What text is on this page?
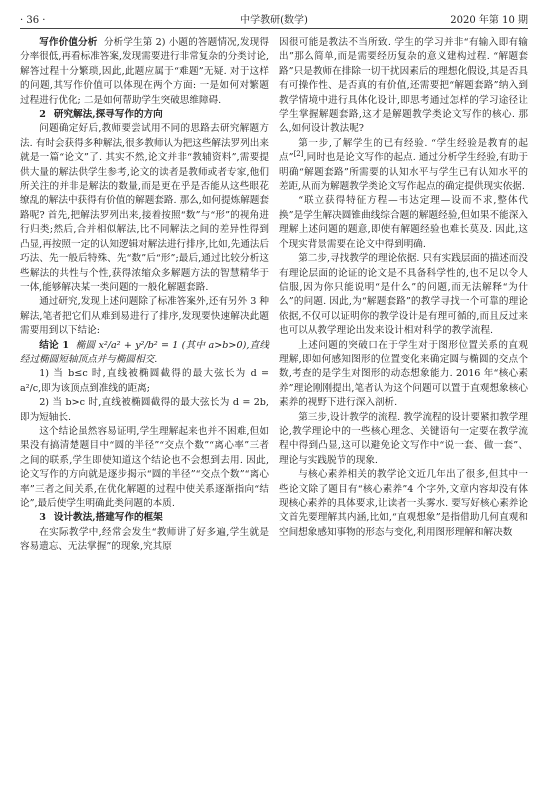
· 36 ·	2020 年第 10 期
中学教研(数学)

写作价值分析 分析学生第 2) 小题的答题情况,发现得分率很低,再看标准答案,发现需要进行非常复杂的分类讨论,解答过程十分繁琐,因此,此题应属于“难题”无疑. 对于这样的问题,其写作价值可以体现在两个方面: 一是如何对繁题过程进行优化; 二是如何帮助学生突破思维障碍.

2 研究解法,探寻写作的方向

问题确定好后,教师要尝试用不同的思路去研究解题方法. 有时会获得多种解法,很多教师认为把这些解法罗列出来就是一篇“论文”了. 其实不然,论文并非“教辅资料”,需要提供大量的解法供学生参考,论文的读者是教师或者专家,他们所关注的并非是解法的数量,而是更在乎是否能从这些眼花缭乱的解法中获得有价值的解题套路. 那么,如何提炼解题套路呢? 首先,把解法罗列出来,接着按照“数”与“形”的视角进行归类;然后,合并相似解法,比不同解法之间的差异性得到凸显,再按照一定的认知逻辑对解法进行排序,比如,先通法后巧法、先一般后特殊、先“数”后“形”;最后,通过比较分析这些解法的共性与个性,获得浓缩众多解题方法的智慧精华于一体,能够解决某一类问题的一般化解题套路.

通过研究,发现上述问题除了标准答案外,还有另外 3 种解法,笔者把它们从难到易进行了排序,发现要快速解决此题需要用到以下结论:

结论 1 椭圆 x²/a² + y²/b² = 1 (其中 a>b>0),直线经过椭圆短轴顶点并与椭圆相交.

1) 当 b≤c 时,直线被椭圆截得的最大弦长为 d = a²/c,即为该顶点到准线的距离;

2) 当 b>c 时,直线被椭圆截得的最大弦长为 d = 2b,即为短轴长.

这个结论虽然容易证明,学生理解起来也并不困难,但如果没有搞清楚题目中“圆的半径”“交点个数”“离心率”三者之间的联系,学生即使知道这个结论也不会想到去用. 因此,论文写作的方向就是逐步揭示“圆的半径”“交点个数”“离心率”三者之间关系,在优化解题的过程中使关系逐渐指向“结论”,最后使学生明确此类问题的本质.

3 设计教法,搭建写作的框架

在实际教学中,经常会发生“教师讲了好多遍,学生就是容易遗忘、无法掌握”的现象,究其原

因很可能是教法不当所致. 学生的学习并非“有输入即有输出”那么简单,而是需要经历复杂的意义建构过程. “解题套路”只是教师在排除一切干扰因素后的理想化假设,其是否具有可操作性、是否真的有价值,还需要把“解题套路”纳入到教学情境中进行具体化设计,即思考通过怎样的学习途径让学生掌握解题套路,这才是解题教学类论文写作的核心. 那么,如何设计教法呢?

第一步,了解学生的已有经验. “学生经验是教育的起点”[2],同时也是论文写作的起点. 通过分析学生经验,有助于明确“解题套路”所需要的认知水平与学生已有认知水平的差距,从而为解题教学类论文写作起点的确定提供现实依据.

“联立获得特征方程—韦达定理—设而不求,整体代换”是学生解决圆锥曲线综合题的解题经验,但如果不能深入理解上述问题的题意,即使有解题经验也难长莫及. 因此,这个现实背景需要在论文中得到明确.

第二步,寻找教学的理论依据. 只有实践层面的描述而没有理论层面的论证的论文是不具备科学性的,也不足以令人信服,因为你只能说明“是什么”的问题,而无法解释“为什么”的问题. 因此,为“解题套路”的教学寻找一个可靠的理论依据,不仅可以证明你的教学设计是有理可循的,而且反过来也可以从教学理论出发来设计相对科学的教学流程.

上述问题的突破口在于学生对于图形位置关系的直观理解,即如何感知图形的位置变化来确定圆与椭圆的交点个数,考查的是学生对图形的动态想象能力. 2016 年“核心素养”理论刚刚提出,笔者认为这个问题可以置于直观想象核心素养的视野下进行深入剖析.

第三步,设计教学的流程. 教学流程的设计要紧扣教学理论,教学理论中的一些核心理念、关键语句一定要在教学流程中得到凸显,这可以避免论文写作中“说一套、做一套”、理论与实践脱节的现象.

与核心素养相关的教学论文近几年出了很多,但其中一些论文除了题目有“核心素养”4 个字外,文章内容却没有体现核心素养的具体要求,让读者一头雾水. 要写好核心素养论文首先要理解其内涵,比如,“直观想象”是指借助几何直观和空间想象感知事物的形态与变化,利用图形理解和解决数
